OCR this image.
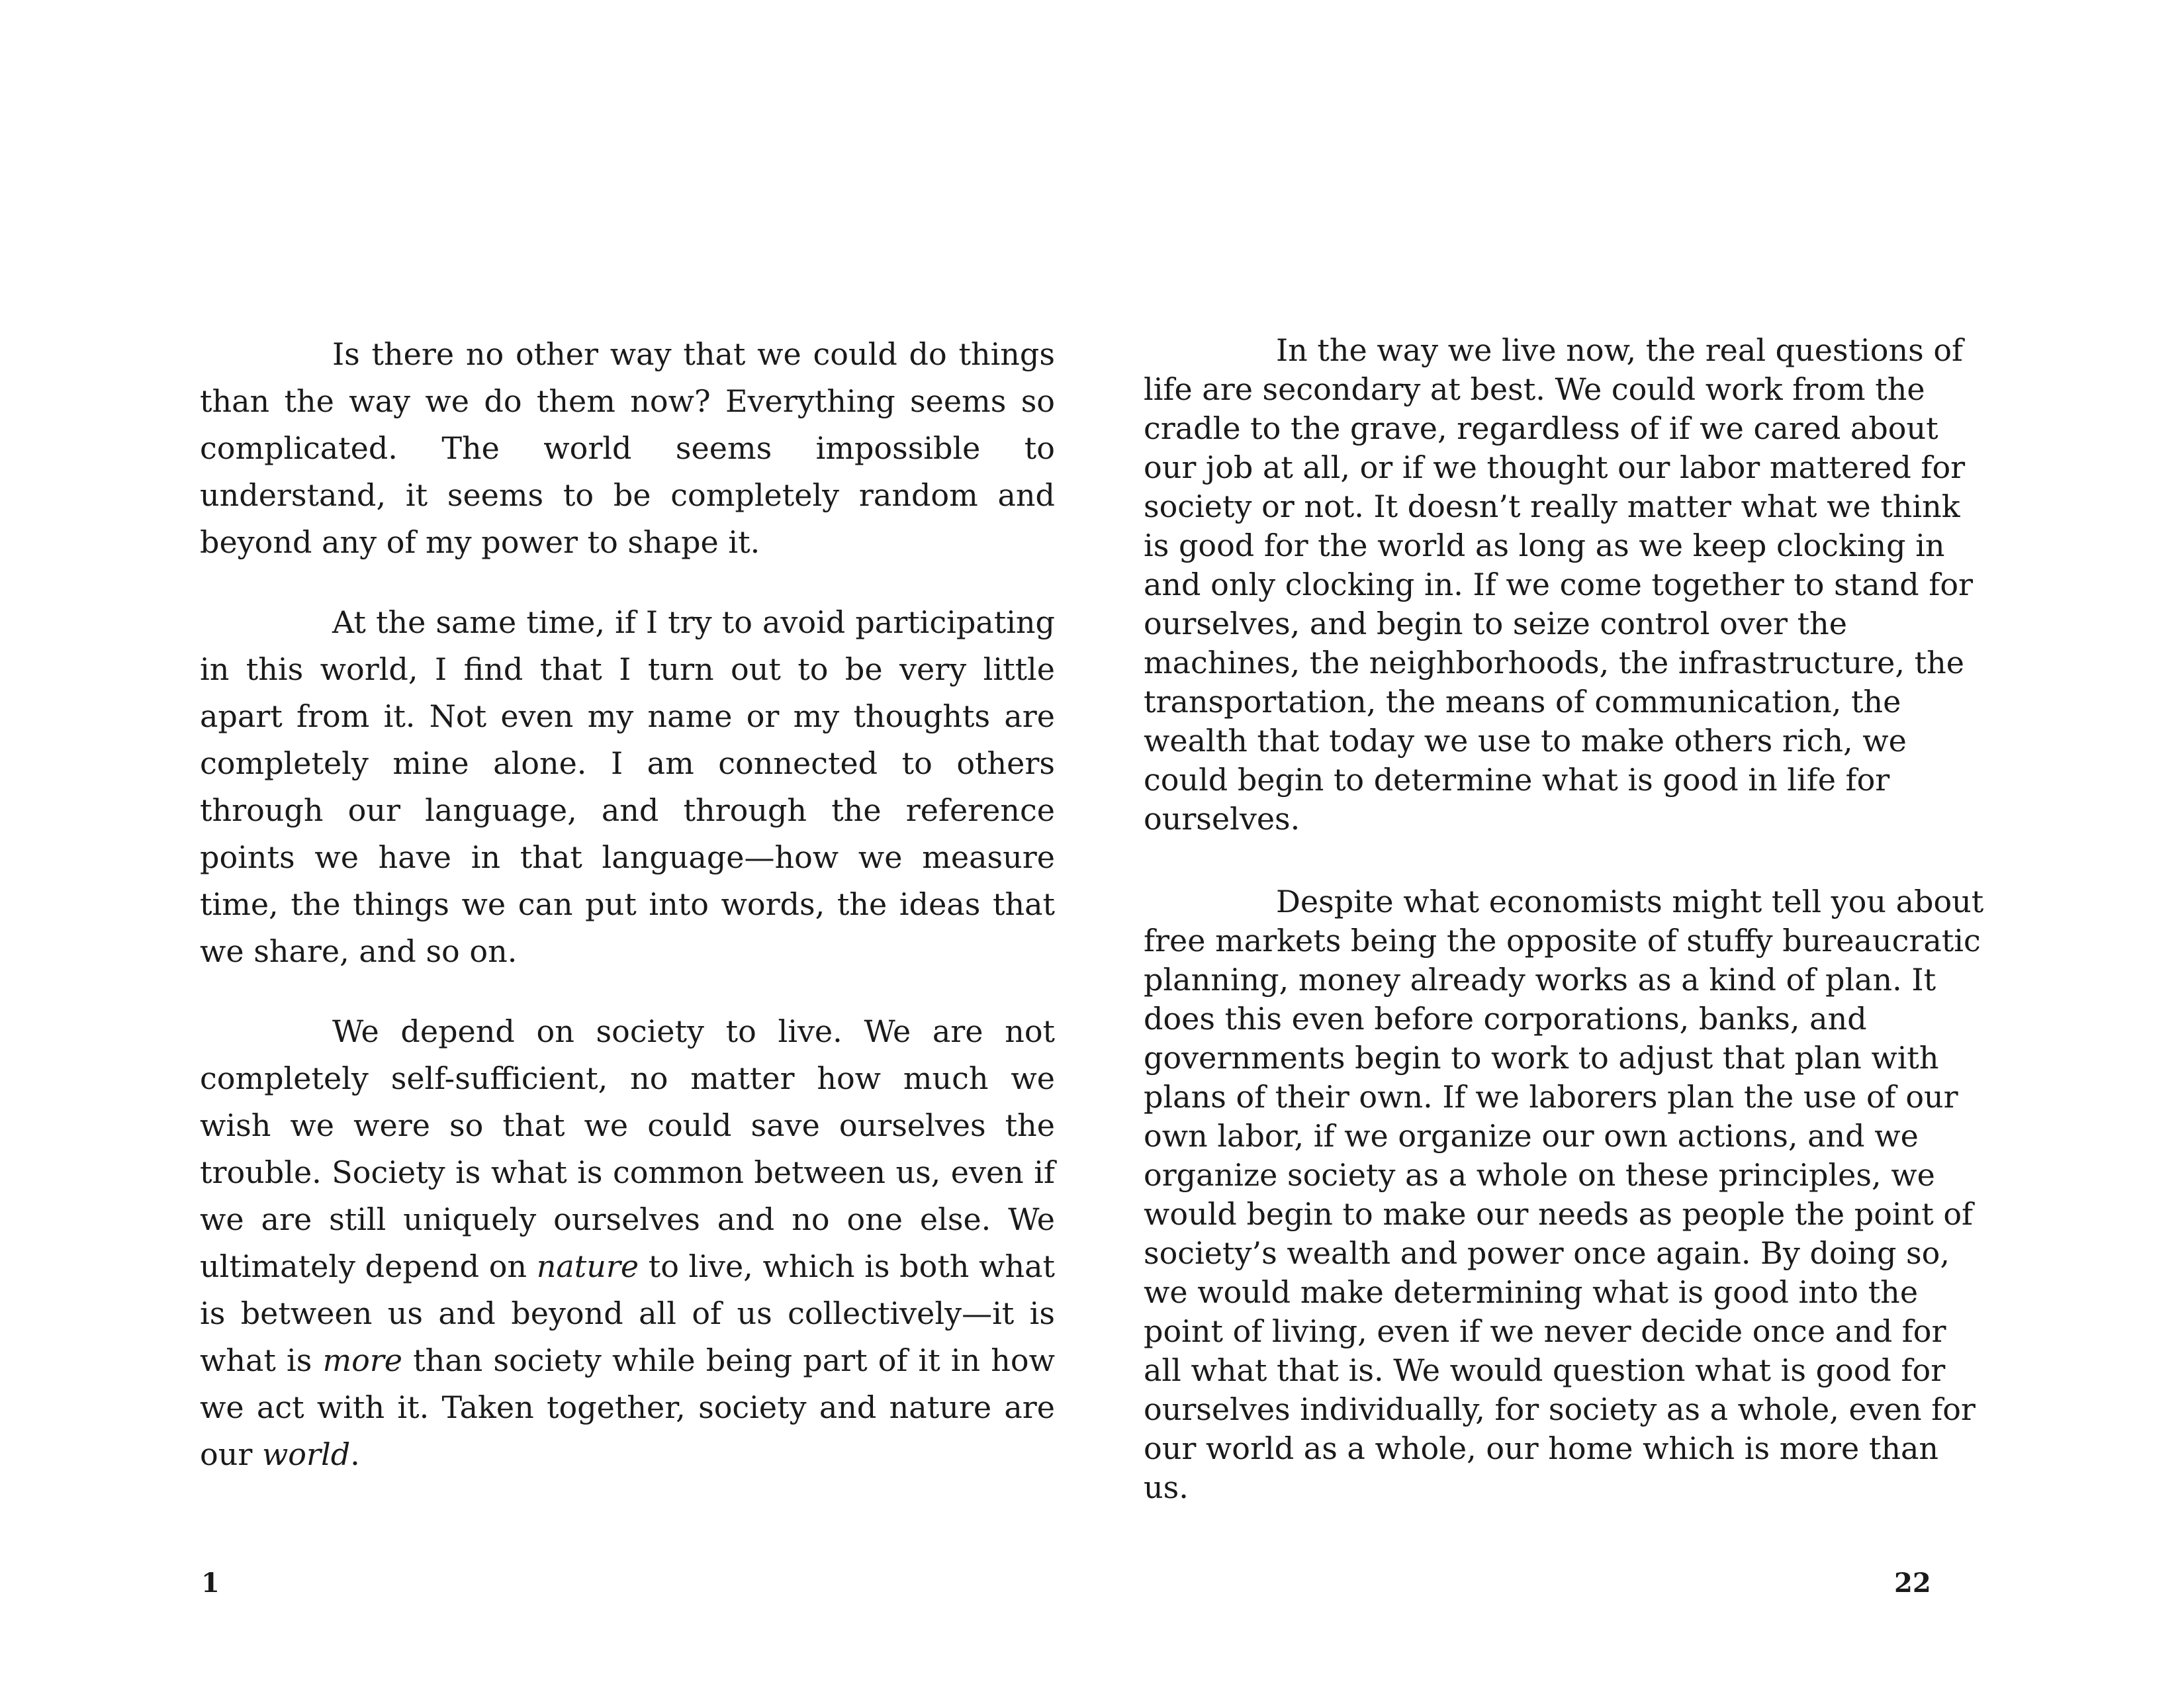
Is there no other way that we could do things than the way we do them now? Everything seems so complicated. The world seems impossible to understand, it seems to be completely random and beyond any of my power to shape it.

At the same time, if I try to avoid participating in this world, I find that I turn out to be very little apart from it. Not even my name or my thoughts are completely mine alone. I am connected to others through our language, and through the reference points we have in that language—how we measure time, the things we can put into words, the ideas that we share, and so on.

We depend on society to live. We are not completely self-sufficient, no matter how much we wish we were so that we could save ourselves the trouble. Society is what is common between us, even if we are still uniquely ourselves and no one else. We ultimately depend on nature to live, which is both what is between us and beyond all of us collectively—it is what is more than society while being part of it in how we act with it. Taken together, society and nature are our world.

1

In the way we live now, the real questions of life are secondary at best. We could work from the cradle to the grave, regardless of if we cared about our job at all, or if we thought our labor mattered for society or not. It doesn’t really matter what we think is good for the world as long as we keep clocking in and only clocking in. If we come together to stand for ourselves, and begin to seize control over the machines, the neighborhoods, the infrastructure, the transportation, the means of communication, the wealth that today we use to make others rich, we could begin to determine what is good in life for ourselves.

Despite what economists might tell you about free markets being the opposite of stuffy bureaucratic planning, money already works as a kind of plan. It does this even before corporations, banks, and governments begin to work to adjust that plan with plans of their own. If we laborers plan the use of our own labor, if we organize our own actions, and we organize society as a whole on these principles, we would begin to make our needs as people the point of society’s wealth and power once again. By doing so, we would make determining what is good into the point of living, even if we never decide once and for all what that is. We would question what is good for ourselves individually, for society as a whole, even for our world as a whole, our home which is more than us.

22
